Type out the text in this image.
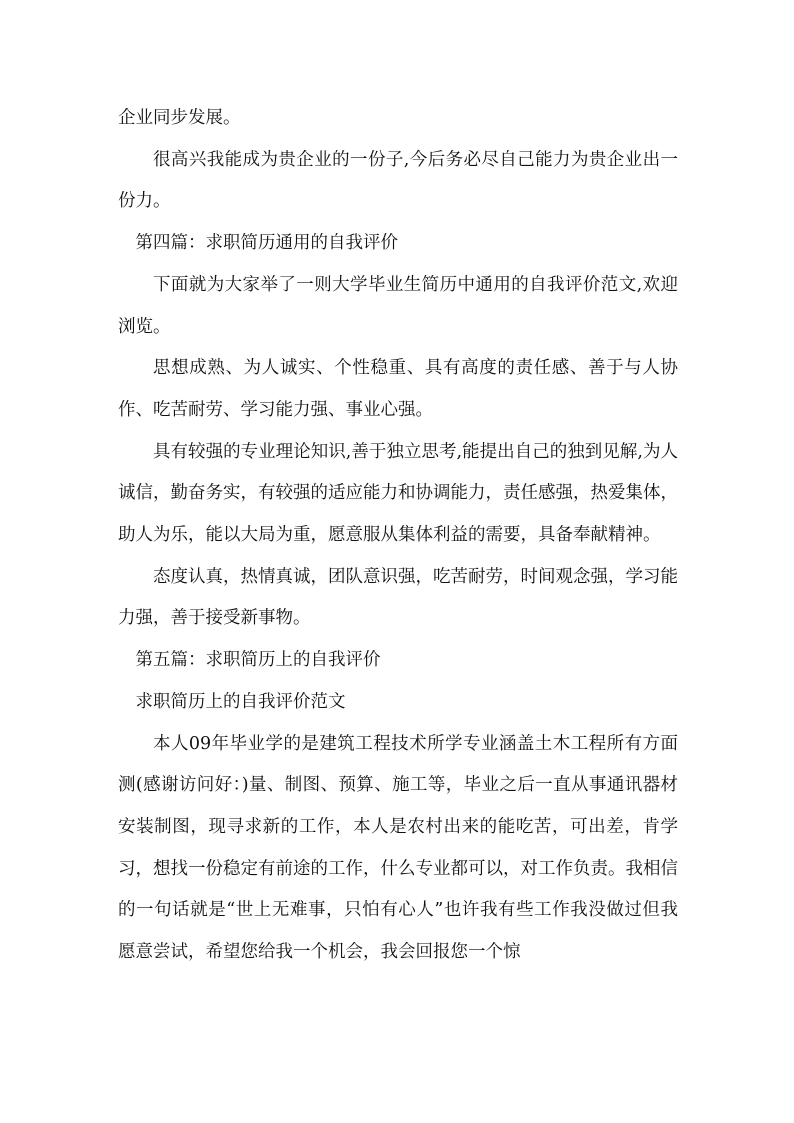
企业同步发展。

很高兴我能成为贵企业的一份子,今后务必尽自己能力为贵企业出一份力。

第四篇：求职简历通用的自我评价

下面就为大家举了一则大学毕业生简历中通用的自我评价范文,欢迎浏览。

思想成熟、为人诚实、个性稳重、具有高度的责任感、善于与人协作、吃苦耐劳、学习能力强、事业心强。

具有较强的专业理论知识,善于独立思考,能提出自己的独到见解,为人诚信，勤奋务实，有较强的适应能力和协调能力，责任感强，热爱集体，助人为乐，能以大局为重，愿意服从集体利益的需要，具备奉献精神。

态度认真，热情真诚，团队意识强，吃苦耐劳，时间观念强，学习能力强，善于接受新事物。

第五篇：求职简历上的自我评价

求职简历上的自我评价范文

本人09年毕业学的是建筑工程技术所学专业涵盖土木工程所有方面测(感谢访问好：)量、制图、预算、施工等，毕业之后一直从事通讯器材安装制图，现寻求新的工作，本人是农村出来的能吃苦，可出差，肯学习，想找一份稳定有前途的工作，什么专业都可以，对工作负责。我相信的一句话就是“世上无难事，只怕有心人”也许我有些工作我没做过但我愿意尝试，希望您给我一个机会，我会回报您一个惊
